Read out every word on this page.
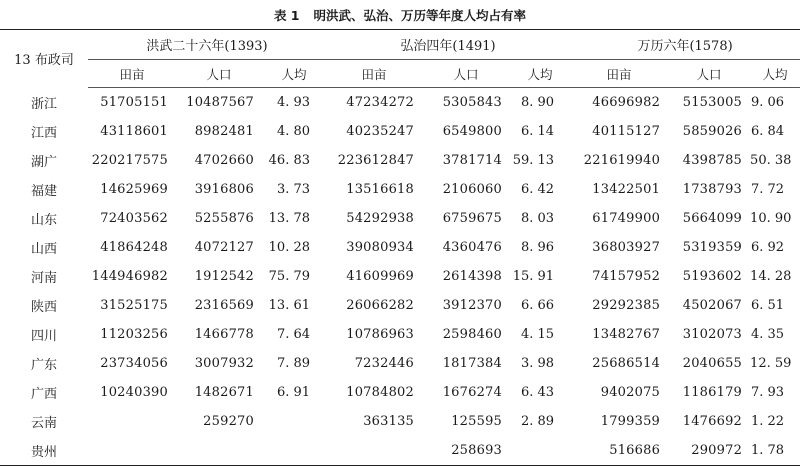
表 1 明洪武、弘治、万历等年度人均占有率
13 布政司	洪武二十六年(1393)			弘治四年(1491)			万历六年(1578)		
	田亩	人口	人均	田亩	人口	人均	田亩	人口	人均
浙江	51705151	10487567	4. 93	47234272	5305843	8. 90	46696982	5153005	9. 06
江西	43118601	8982481	4. 80	40235247	6549800	6. 14	40115127	5859026	6. 84
湖广	220217575	4702660	46. 83	223612847	3781714	59. 13	221619940	4398785	50. 38
福建	14625969	3916806	3. 73	13516618	2106060	6. 42	13422501	1738793	7. 72
山东	72403562	5255876	13. 78	54292938	6759675	8. 03	61749900	5664099	10. 90
山西	41864248	4072127	10. 28	39080934	4360476	8. 96	36803927	5319359	6. 92
河南	144946982	1912542	75. 79	41609969	2614398	15. 91	74157952	5193602	14. 28
陕西	31525175	2316569	13. 61	26066282	3912370	6. 66	29292385	4502067	6. 51
四川	11203256	1466778	7. 64	10786963	2598460	4. 15	13482767	3102073	4. 35
广东	23734056	3007932	7. 89	7232446	1817384	3. 98	25686514	2040655	12. 59
广西	10240390	1482671	6. 91	10784802	1676274	6. 43	9402075	1186179	7. 93
云南		259270		363135	125595	2. 89	1799359	1476692	1. 22
贵州					258693		516686	290972	1. 78
